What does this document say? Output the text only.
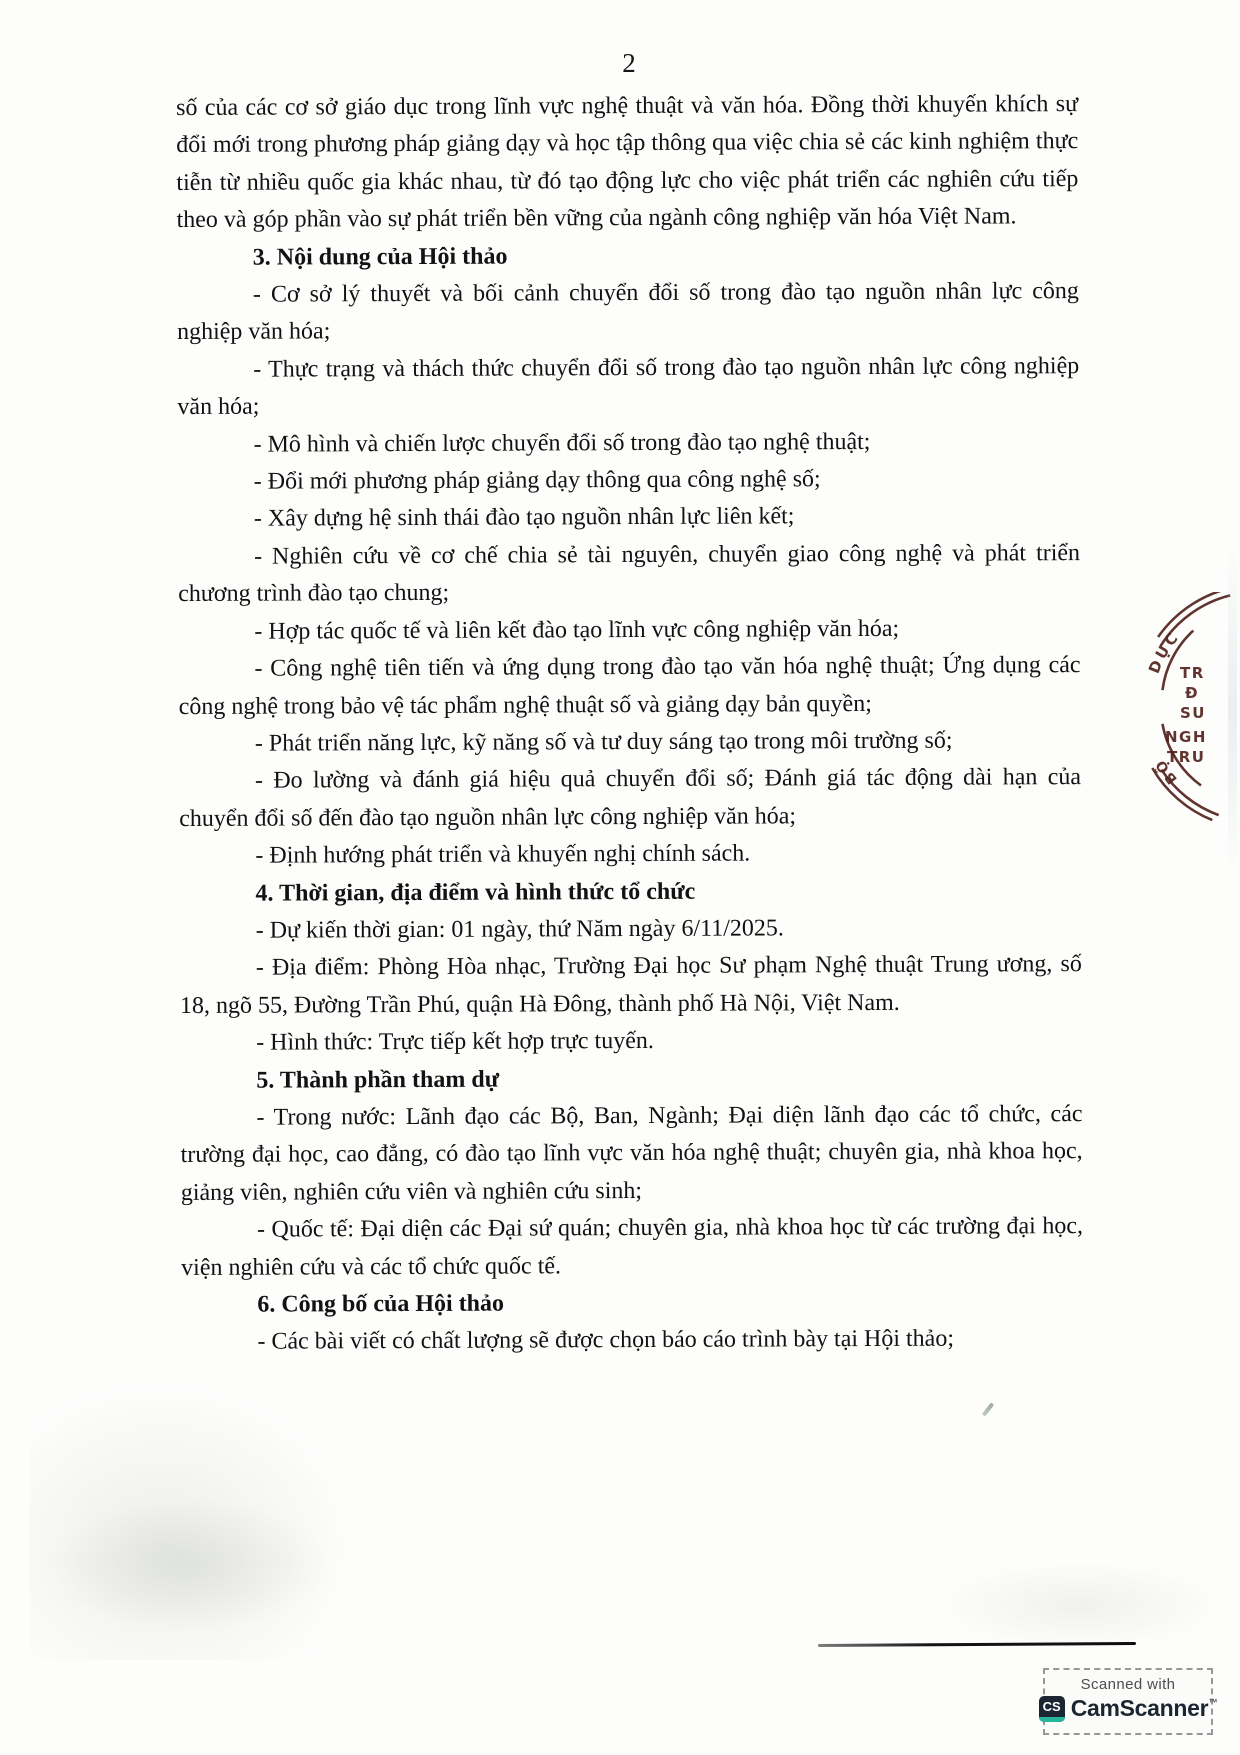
2

số của các cơ sở giáo dục trong lĩnh vực nghệ thuật và văn hóa. Đồng thời khuyến khích sự đổi mới trong phương pháp giảng dạy và học tập thông qua việc chia sẻ các kinh nghiệm thực tiễn từ nhiều quốc gia khác nhau, từ đó tạo động lực cho việc phát triển các nghiên cứu tiếp theo và góp phần vào sự phát triển bền vững của ngành công nghiệp văn hóa Việt Nam.

3. Nội dung của Hội thảo

- Cơ sở lý thuyết và bối cảnh chuyển đổi số trong đào tạo nguồn nhân lực công nghiệp văn hóa;

- Thực trạng và thách thức chuyển đổi số trong đào tạo nguồn nhân lực công nghiệp văn hóa;

- Mô hình và chiến lược chuyển đổi số trong đào tạo nghệ thuật;

- Đổi mới phương pháp giảng dạy thông qua công nghệ số;

- Xây dựng hệ sinh thái đào tạo nguồn nhân lực liên kết;

- Nghiên cứu về cơ chế chia sẻ tài nguyên, chuyển giao công nghệ và phát triển chương trình đào tạo chung;

- Hợp tác quốc tế và liên kết đào tạo lĩnh vực công nghiệp văn hóa;

- Công nghệ tiên tiến và ứng dụng trong đào tạo văn hóa nghệ thuật; Ứng dụng các công nghệ trong bảo vệ tác phẩm nghệ thuật số và giảng dạy bản quyền;

- Phát triển năng lực, kỹ năng số và tư duy sáng tạo trong môi trường số;

- Đo lường và đánh giá hiệu quả chuyển đổi số; Đánh giá tác động dài hạn của chuyển đổi số đến đào tạo nguồn nhân lực công nghiệp văn hóa;

- Định hướng phát triển và khuyến nghị chính sách.

4. Thời gian, địa điểm và hình thức tổ chức

- Dự kiến thời gian: 01 ngày, thứ Năm ngày 6/11/2025.

- Địa điểm: Phòng Hòa nhạc, Trường Đại học Sư phạm Nghệ thuật Trung ương, số 18, ngõ 55, Đường Trần Phú, quận Hà Đông, thành phố Hà Nội, Việt Nam.

- Hình thức: Trực tiếp kết hợp trực tuyến.

5. Thành phần tham dự

- Trong nước: Lãnh đạo các Bộ, Ban, Ngành; Đại diện lãnh đạo các tổ chức, các trường đại học, cao đẳng, có đào tạo lĩnh vực văn hóa nghệ thuật; chuyên gia, nhà khoa học, giảng viên, nghiên cứu viên và nghiên cứu sinh;

- Quốc tế: Đại diện các Đại sứ quán; chuyên gia, nhà khoa học từ các trường đại học, viện nghiên cứu và các tổ chức quốc tế.

6. Công bố của Hội thảo

- Các bài viết có chất lượng sẽ được chọn báo cáo trình bày tại Hội thảo;

DỤC
BỘ
TR
Đ
SU
NGH
TRU
Scanned with
CS CamScanner™
